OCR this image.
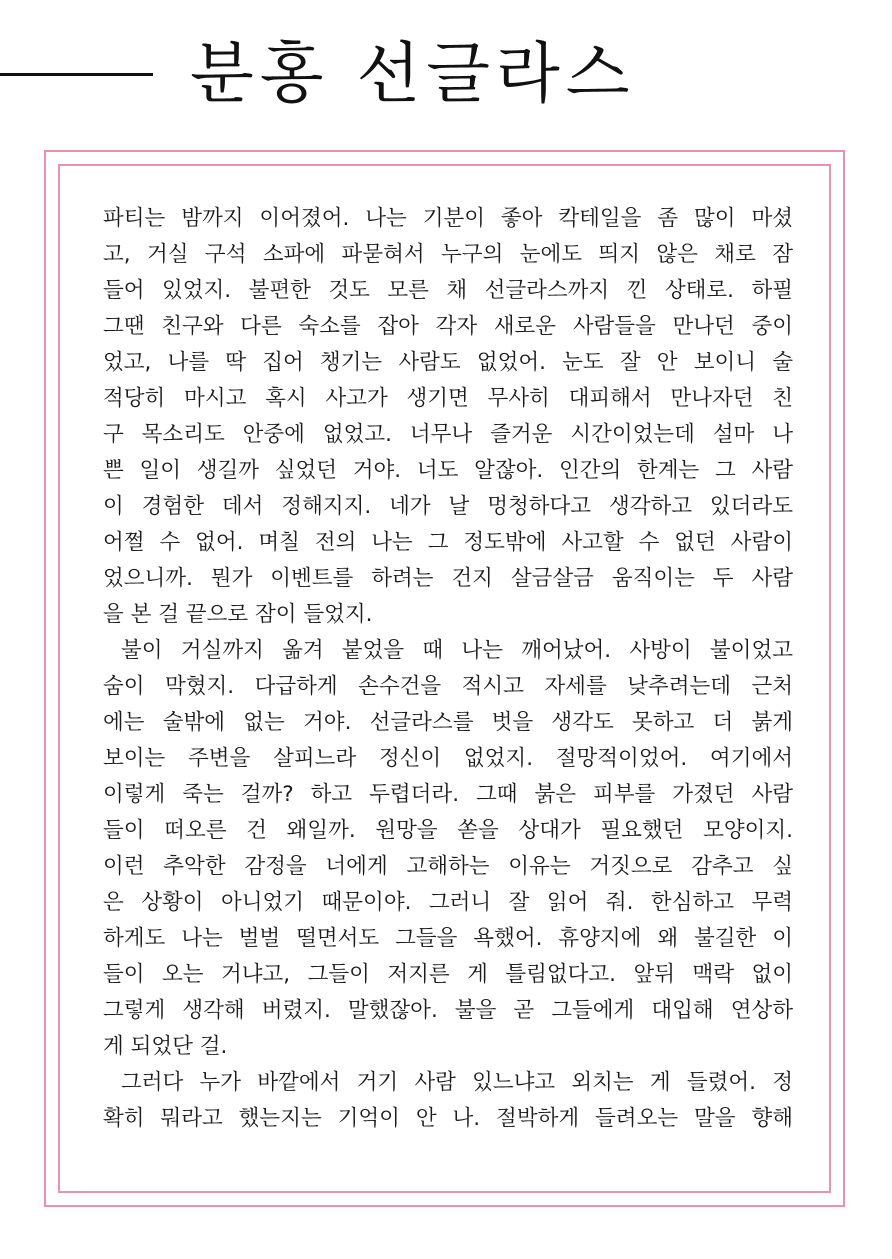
분홍 선글라스
파티는 밤까지 이어졌어. 나는 기분이 좋아 칵테일을 좀 많이 마셨
고, 거실 구석 소파에 파묻혀서 누구의 눈에도 띄지 않은 채로 잠
들어 있었지. 불편한 것도 모른 채 선글라스까지 낀 상태로. 하필
그땐 친구와 다른 숙소를 잡아 각자 새로운 사람들을 만나던 중이
었고, 나를 딱 집어 챙기는 사람도 없었어. 눈도 잘 안 보이니 술
적당히 마시고 혹시 사고가 생기면 무사히 대피해서 만나자던 친
구 목소리도 안중에 없었고. 너무나 즐거운 시간이었는데 설마 나
쁜 일이 생길까 싶었던 거야. 너도 알잖아. 인간의 한계는 그 사람
이 경험한 데서 정해지지. 네가 날 멍청하다고 생각하고 있더라도
어쩔 수 없어. 며칠 전의 나는 그 정도밖에 사고할 수 없던 사람이
었으니까. 뭔가 이벤트를 하려는 건지 살금살금 움직이는 두 사람
을 본 걸 끝으로 잠이 들었지.
불이 거실까지 옮겨 붙었을 때 나는 깨어났어. 사방이 불이었고
숨이 막혔지. 다급하게 손수건을 적시고 자세를 낮추려는데 근처
에는 술밖에 없는 거야. 선글라스를 벗을 생각도 못하고 더 붉게
보이는 주변을 살피느라 정신이 없었지. 절망적이었어. 여기에서
이렇게 죽는 걸까? 하고 두렵더라. 그때 붉은 피부를 가졌던 사람
들이 떠오른 건 왜일까. 원망을 쏟을 상대가 필요했던 모양이지.
이런 추악한 감정을 너에게 고해하는 이유는 거짓으로 감추고 싶
은 상황이 아니었기 때문이야. 그러니 잘 읽어 줘. 한심하고 무력
하게도 나는 벌벌 떨면서도 그들을 욕했어. 휴양지에 왜 불길한 이
들이 오는 거냐고, 그들이 저지른 게 틀림없다고. 앞뒤 맥락 없이
그렇게 생각해 버렸지. 말했잖아. 불을 곧 그들에게 대입해 연상하
게 되었단 걸.
그러다 누가 바깥에서 거기 사람 있느냐고 외치는 게 들렸어. 정
확히 뭐라고 했는지는 기억이 안 나. 절박하게 들려오는 말을 향해
